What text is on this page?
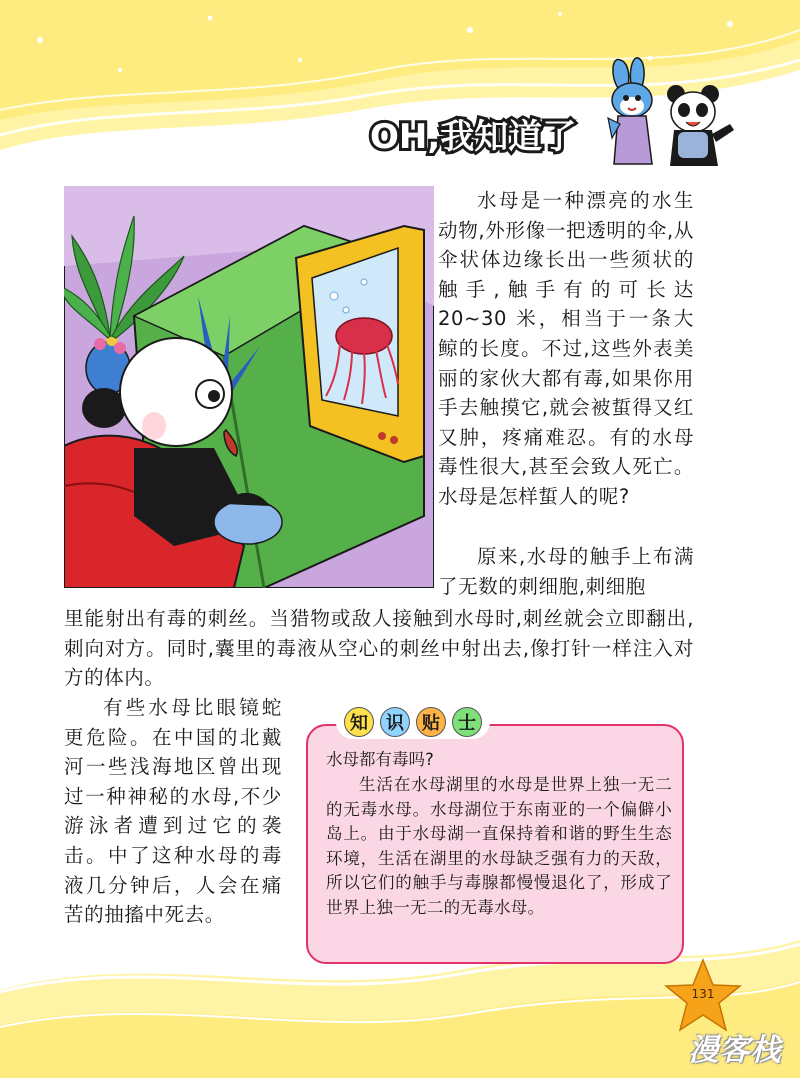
OH,我知道了

水母是一种漂亮的水生动物,外形像一把透明的伞,从伞状体边缘长出一些须状的触手,触手有的可长达 20~30 米，相当于一条大鲸的长度。不过,这些外表美丽的家伙大都有毒,如果你用手去触摸它,就会被蜇得又红又肿，疼痛难忍。有的水母毒性很大,甚至会致人死亡。水母是怎样蜇人的呢?

原来,水母的触手上布满了无数的刺细胞,刺细胞

里能射出有毒的刺丝。当猎物或敌人接触到水母时,刺丝就会立即翻出,刺向对方。同时,囊里的毒液从空心的刺丝中射出去,像打针一样注入对方的体内。

有些水母比眼镜蛇更危险。在中国的北戴河一些浅海地区曾出现过一种神秘的水母,不少游泳者遭到过它的袭击。中了这种水母的毒液几分钟后，人会在痛苦的抽搐中死去。

知	识	贴	士
水母都有毒吗?

生活在水母湖里的水母是世界上独一无二的无毒水母。水母湖位于东南亚的一个偏僻小岛上。由于水母湖一直保持着和谐的野生生态环境，生活在湖里的水母缺乏强有力的天敌，所以它们的触手与毒腺都慢慢退化了，形成了世界上独一无二的无毒水母。

131
漫客栈
